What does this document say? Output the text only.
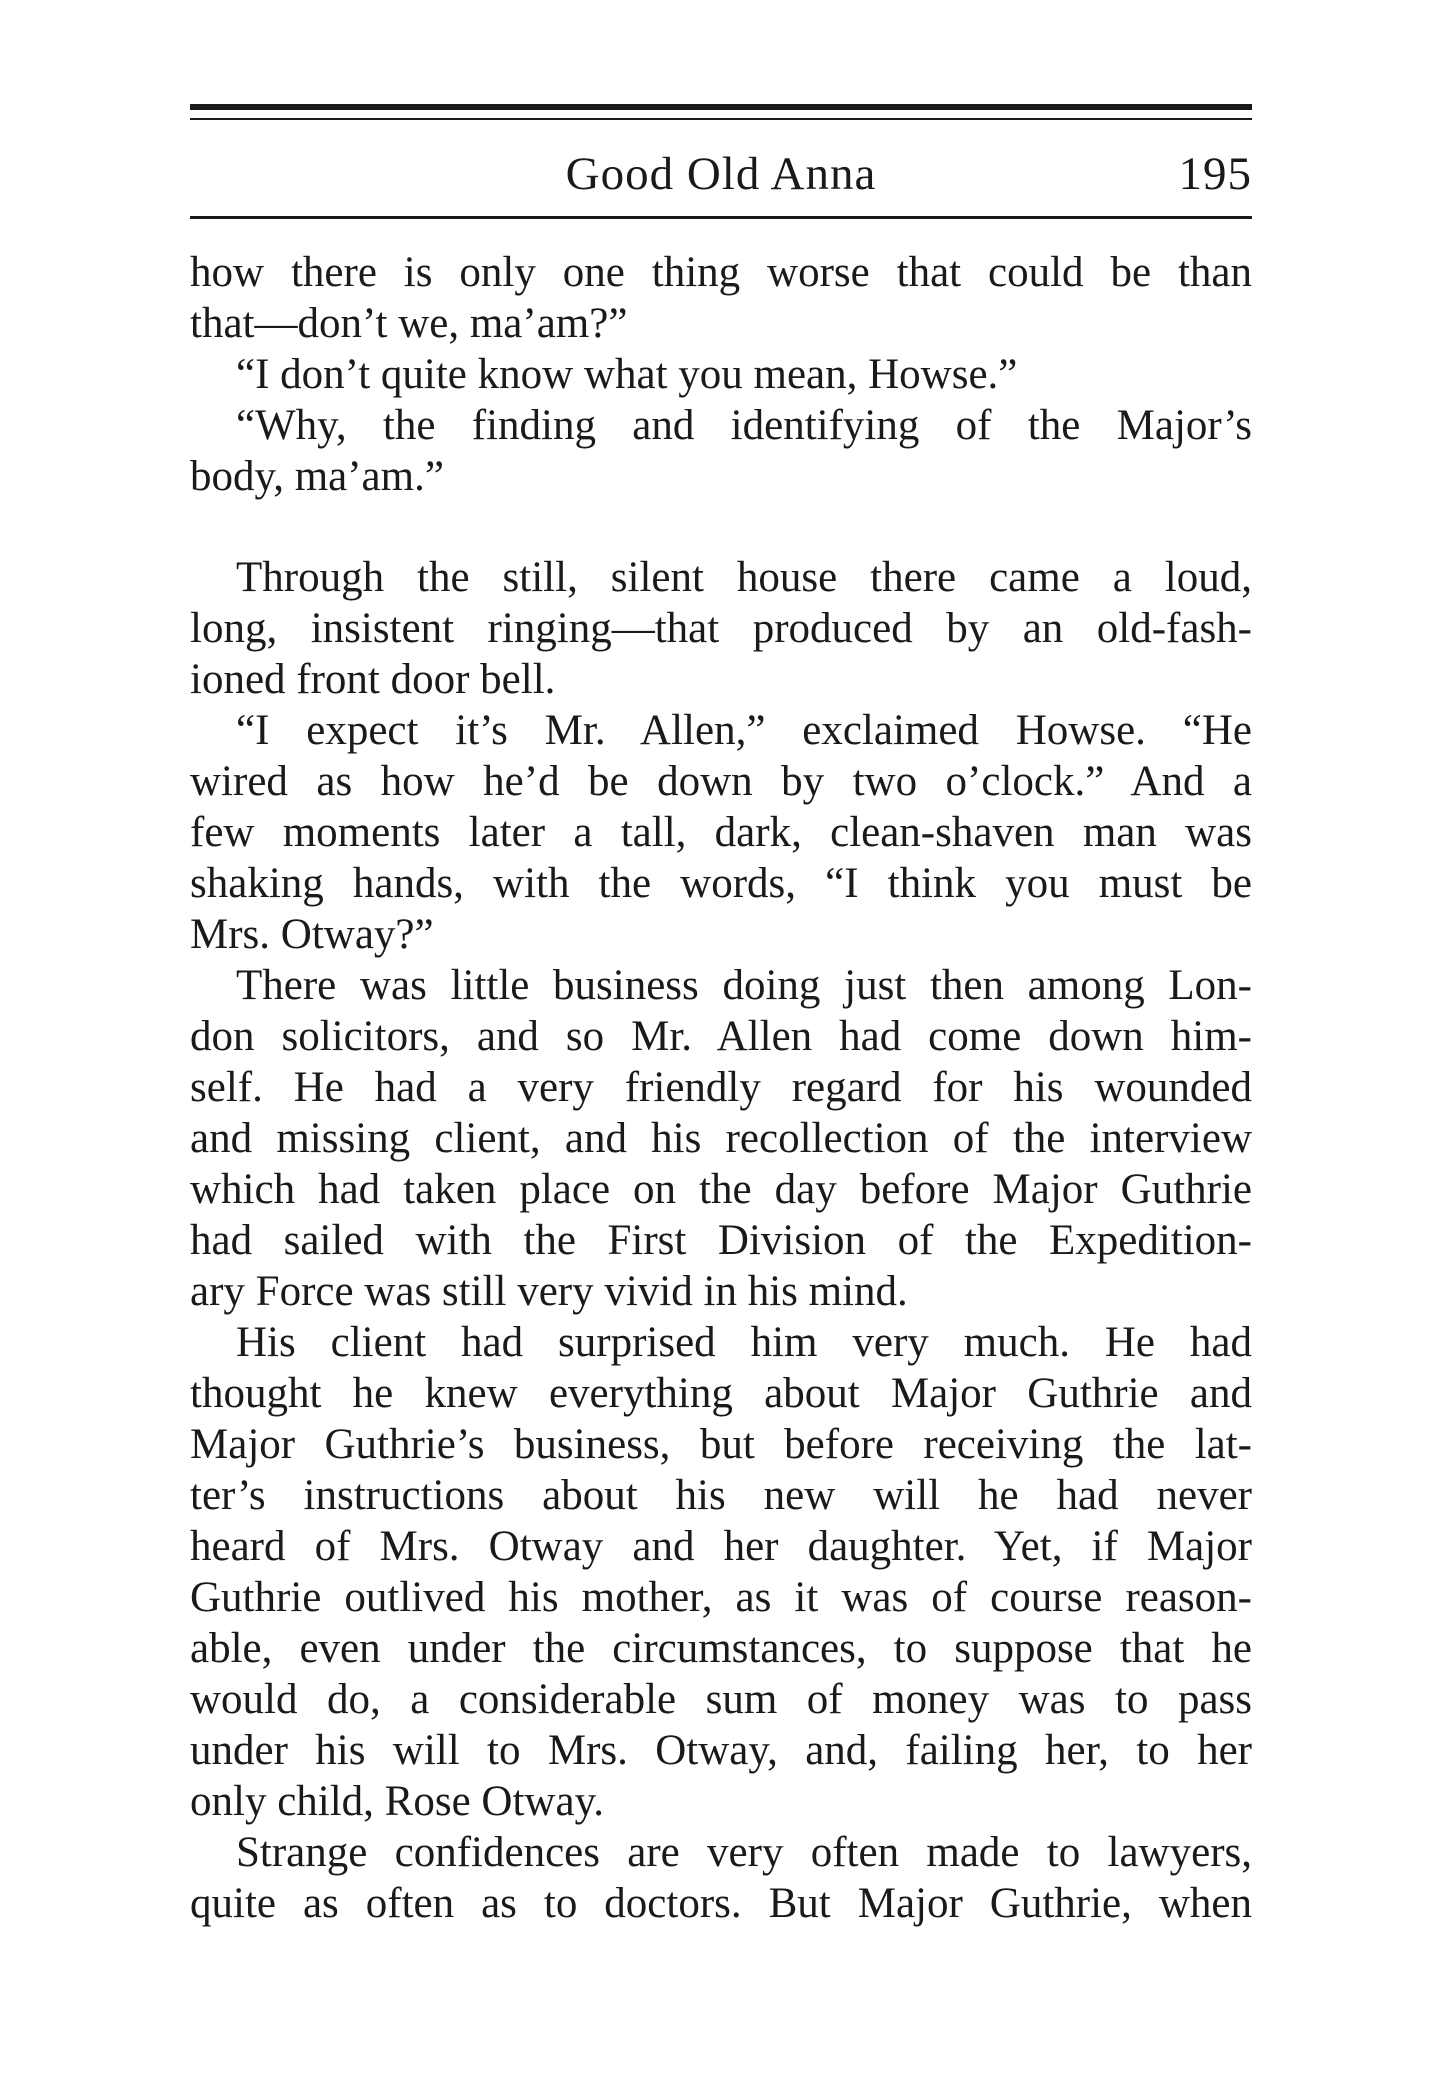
Good Old Anna	195
how there is only one thing worse that could be than
that—don’t we, ma’am?”
“I don’t quite know what you mean, Howse.”
“Why, the finding and identifying of the Major’s
body, ma’am.”
Through the still, silent house there came a loud,
long, insistent ringing—that produced by an old-fash-
ioned front door bell.
“I expect it’s Mr. Allen,” exclaimed Howse. “He
wired as how he’d be down by two o’clock.” And a
few moments later a tall, dark, clean-shaven man was
shaking hands, with the words, “I think you must be
Mrs. Otway?”
There was little business doing just then among Lon-
don solicitors, and so Mr. Allen had come down him-
self. He had a very friendly regard for his wounded
and missing client, and his recollection of the interview
which had taken place on the day before Major Guthrie
had sailed with the First Division of the Expedition-
ary Force was still very vivid in his mind.
His client had surprised him very much. He had
thought he knew everything about Major Guthrie and
Major Guthrie’s business, but before receiving the lat-
ter’s instructions about his new will he had never
heard of Mrs. Otway and her daughter. Yet, if Major
Guthrie outlived his mother, as it was of course reason-
able, even under the circumstances, to suppose that he
would do, a considerable sum of money was to pass
under his will to Mrs. Otway, and, failing her, to her
only child, Rose Otway.
Strange confidences are very often made to lawyers,
quite as often as to doctors. But Major Guthrie, when
